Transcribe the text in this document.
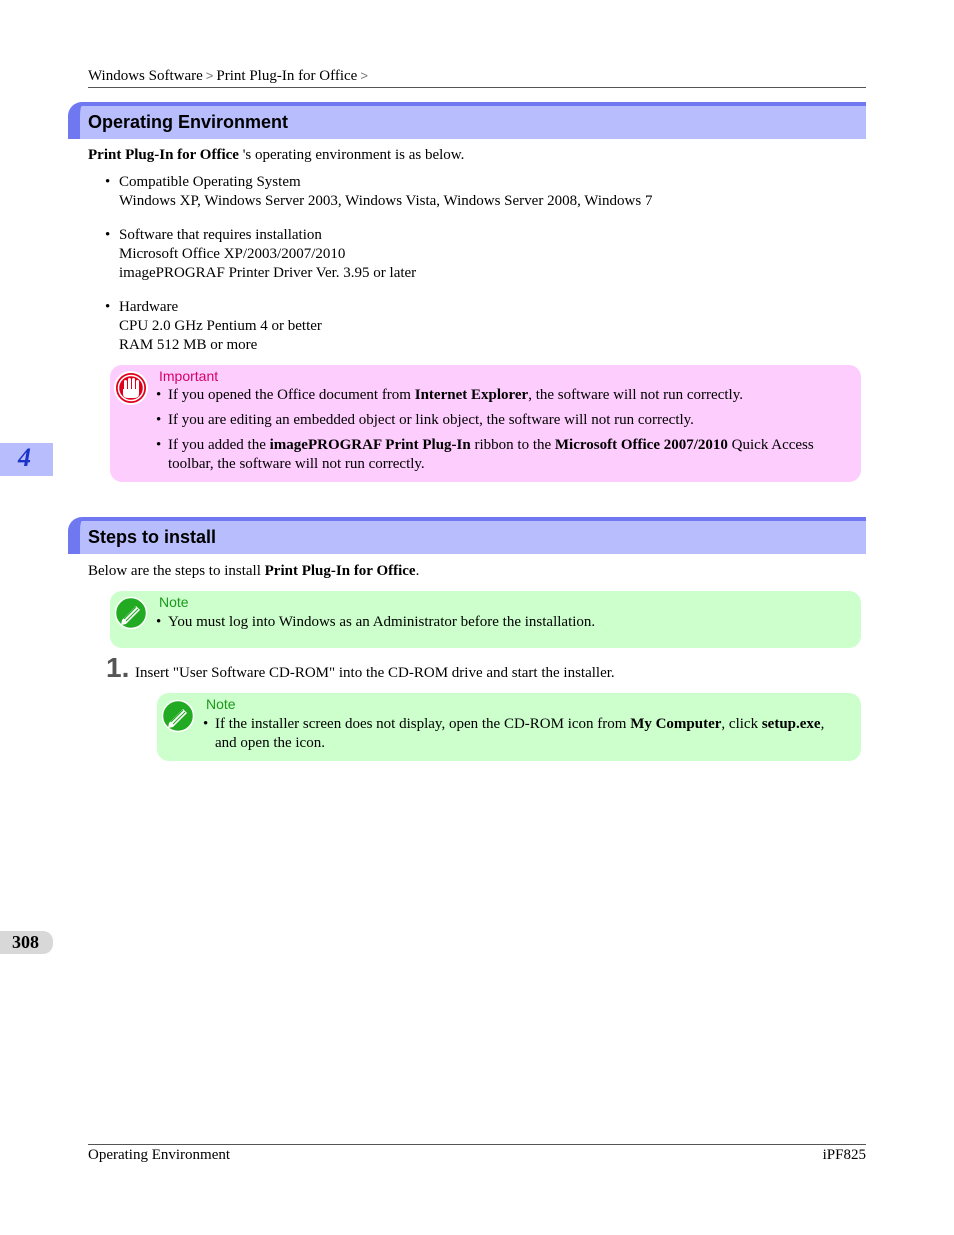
Windows Software > Print Plug-In for Office >
Operating Environment
Print Plug-In for Office 's operating environment is as below.
• Compatible Operating System
Windows XP, Windows Server 2003, Windows Vista, Windows Server 2008, Windows 7
• Software that requires installation
Microsoft Office XP/2003/2007/2010
imagePROGRAF Printer Driver Ver. 3.95 or later
• Hardware
CPU 2.0 GHz Pentium 4 or better
RAM 512 MB or more
Important
• If you opened the Office document from Internet Explorer, the software will not run correctly.
• If you are editing an embedded object or link object, the software will not run correctly.
• If you added the imagePROGRAF Print Plug-In ribbon to the Microsoft Office 2007/2010 Quick Access
toolbar, the software will not run correctly.
4
Steps to install
Below are the steps to install Print Plug-In for Office.
Note
• You must log into Windows as an Administrator before the installation.
1. Insert "User Software CD-ROM" into the CD-ROM drive and start the installer.
Note
• If the installer screen does not display, open the CD-ROM icon from My Computer, click setup.exe,
and open the icon.
308
Operating Environment	iPF825
